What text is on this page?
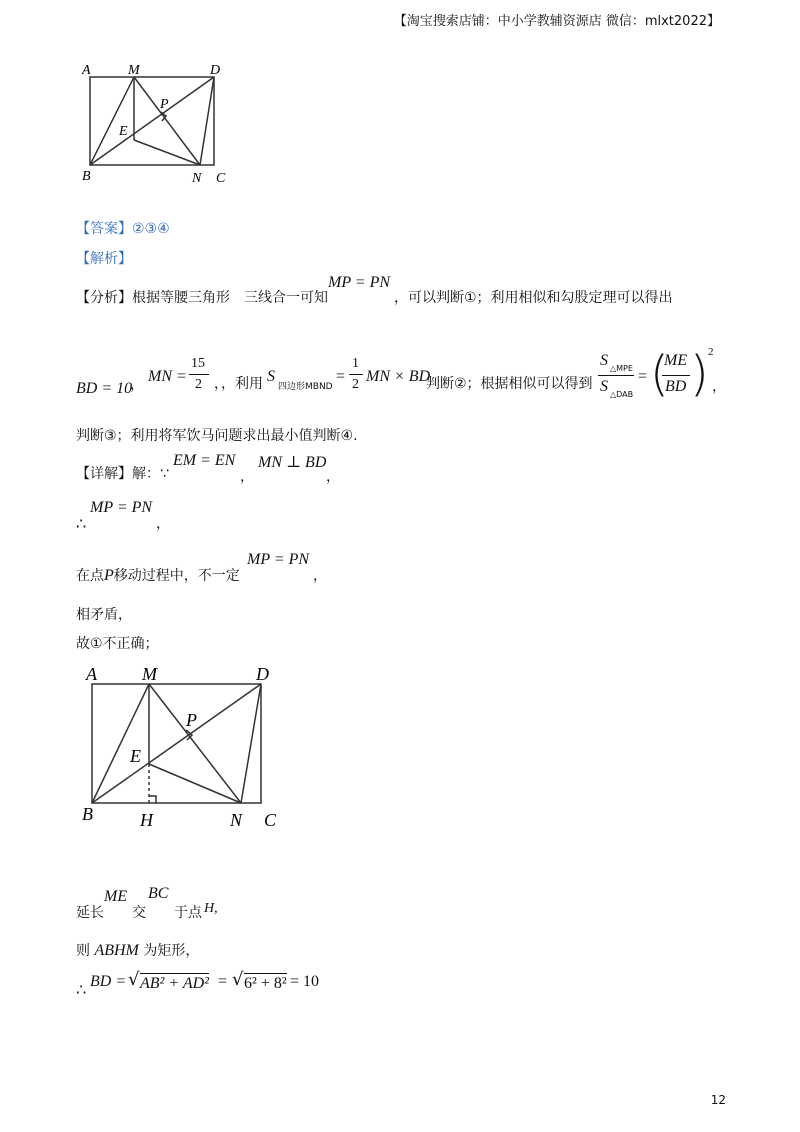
【淘宝搜索店铺：中小学教辅资源店 微信：mlxt2022】
A	M	D
P
E
B	N C
【答案】②③④
【解析】
【分析】根据等腰三角形　三线合一可知
MP = PN
，可以判断①；利用相似和勾股定理可以得出
BD = 10
， MN =
15
2 ，，利用 S
四边形MBND
=
1
2 MN × BD
判断②；根据相似可以得到
S △MPE
S △DAB
= (
ME
BD ) 2
，
判断③；利用将军饮马问题求出最小值判断④.
【详解】解：∵
EM = EN
，
MN ⊥ BD
，
∴
MP = PN
，
在点P移动过程中，不一定
MP = PN
，
相矛盾，
故①不正确；
A	M	D
P
E
B	H	N C
延长
ME
交
BC
于点 H,
则 ABHM 为矩形，
∴ BD = √ AB² + AD² = √ 6² + 8² = 10
12
